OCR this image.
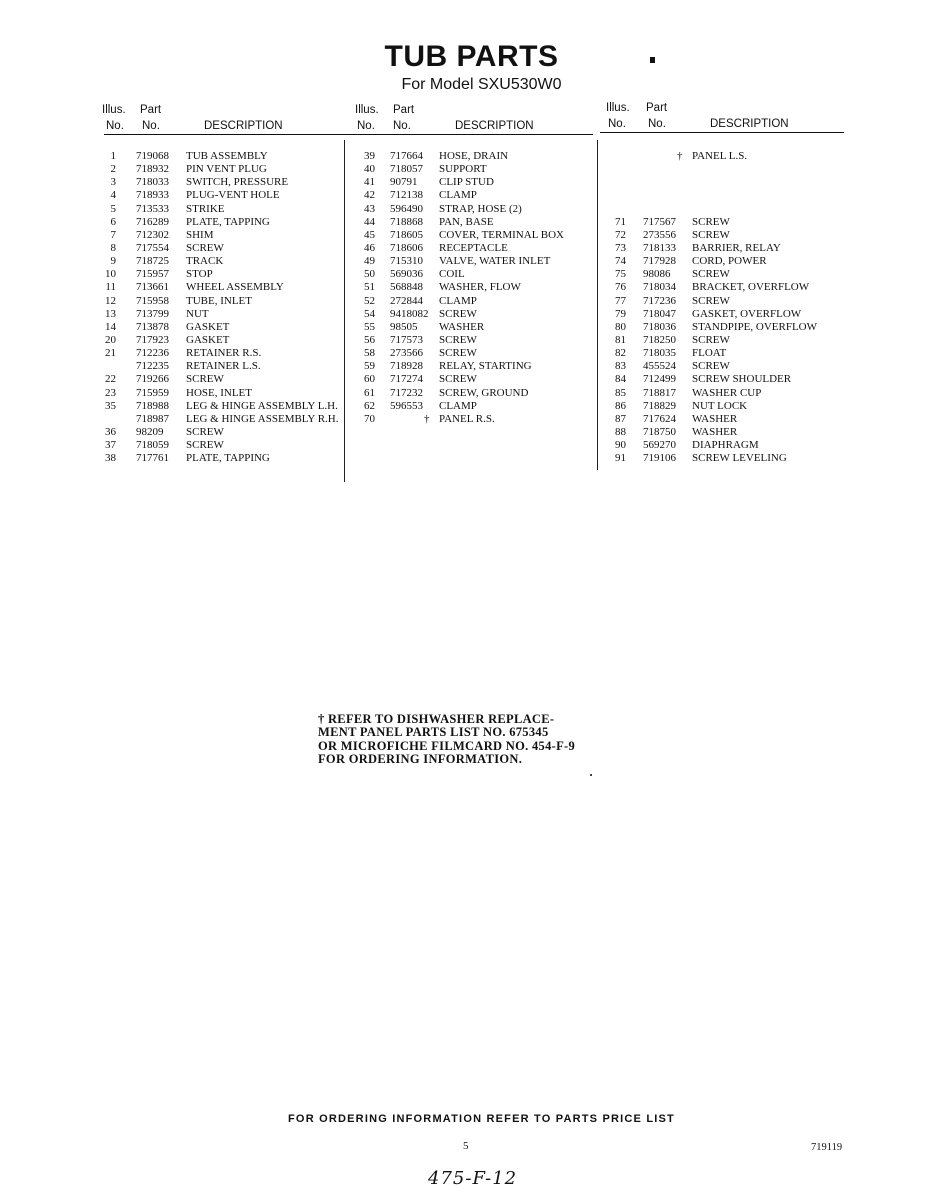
TUB PARTS
For Model SXU530W0
Illus. Part
No. No.	DESCRIPTION
1 719068 TUB ASSEMBLY
2 718932 PIN VENT PLUG
3 718033 SWITCH, PRESSURE
4 718933 PLUG-VENT HOLE
5 713533 STRIKE
6 716289 PLATE, TAPPING
7 712302 SHIM
8 717554 SCREW
9 718725 TRACK
10 715957 STOP
11 713661 WHEEL ASSEMBLY
12 715958 TUBE, INLET
13 713799 NUT
14 713878 GASKET
20 717923 GASKET
21 712236 RETAINER R.S.
712235 RETAINER L.S.
22 719266 SCREW
23 715959 HOSE, INLET
35 718988 LEG & HINGE ASSEMBLY L.H.
718987 LEG & HINGE ASSEMBLY R.H.
36 98209 SCREW
37 718059 SCREW
38 717761 PLATE, TAPPING
Illus. Part
No. No.	DESCRIPTION
39 717664 HOSE, DRAIN
40 718057 SUPPORT
41 90791 CLIP STUD
42 712138 CLAMP
43 596490 STRAP, HOSE (2)
44 718868 PAN, BASE
45 718605 COVER, TERMINAL BOX
46 718606 RECEPTACLE
49 715310 VALVE, WATER INLET
50 569036 COIL
51 568848 WASHER, FLOW
52 272844 CLAMP
54 9418082 SCREW
55 98505 WASHER
56 717573 SCREW
58 273566 SCREW
59 718928 RELAY, STARTING
60 717274 SCREW
61 717232 SCREW, GROUND
62 596553 CLAMP
70	† PANEL R.S.
Illus. Part
No. No.	DESCRIPTION
† PANEL L.S.
71 717567 SCREW
72 273556 SCREW
73 718133 BARRIER, RELAY
74 717928 CORD, POWER
75 98086 SCREW
76 718034 BRACKET, OVERFLOW
77 717236 SCREW
79 718047 GASKET, OVERFLOW
80 718036 STANDPIPE, OVERFLOW
81 718250 SCREW
82 718035 FLOAT
83 455524 SCREW
84 712499 SCREW SHOULDER
85 718817 WASHER CUP
86 718829 NUT LOCK
87 717624 WASHER
88 718750 WASHER
90 569270 DIAPHRAGM
91 719106 SCREW LEVELING
† REFER TO DISHWASHER REPLACE-
MENT PANEL PARTS LIST NO. 675345
OR MICROFICHE FILMCARD NO. 454-F-9
FOR ORDERING INFORMATION.
FOR ORDERING INFORMATION REFER TO PARTS PRICE LIST
5	719119
475-F-12
